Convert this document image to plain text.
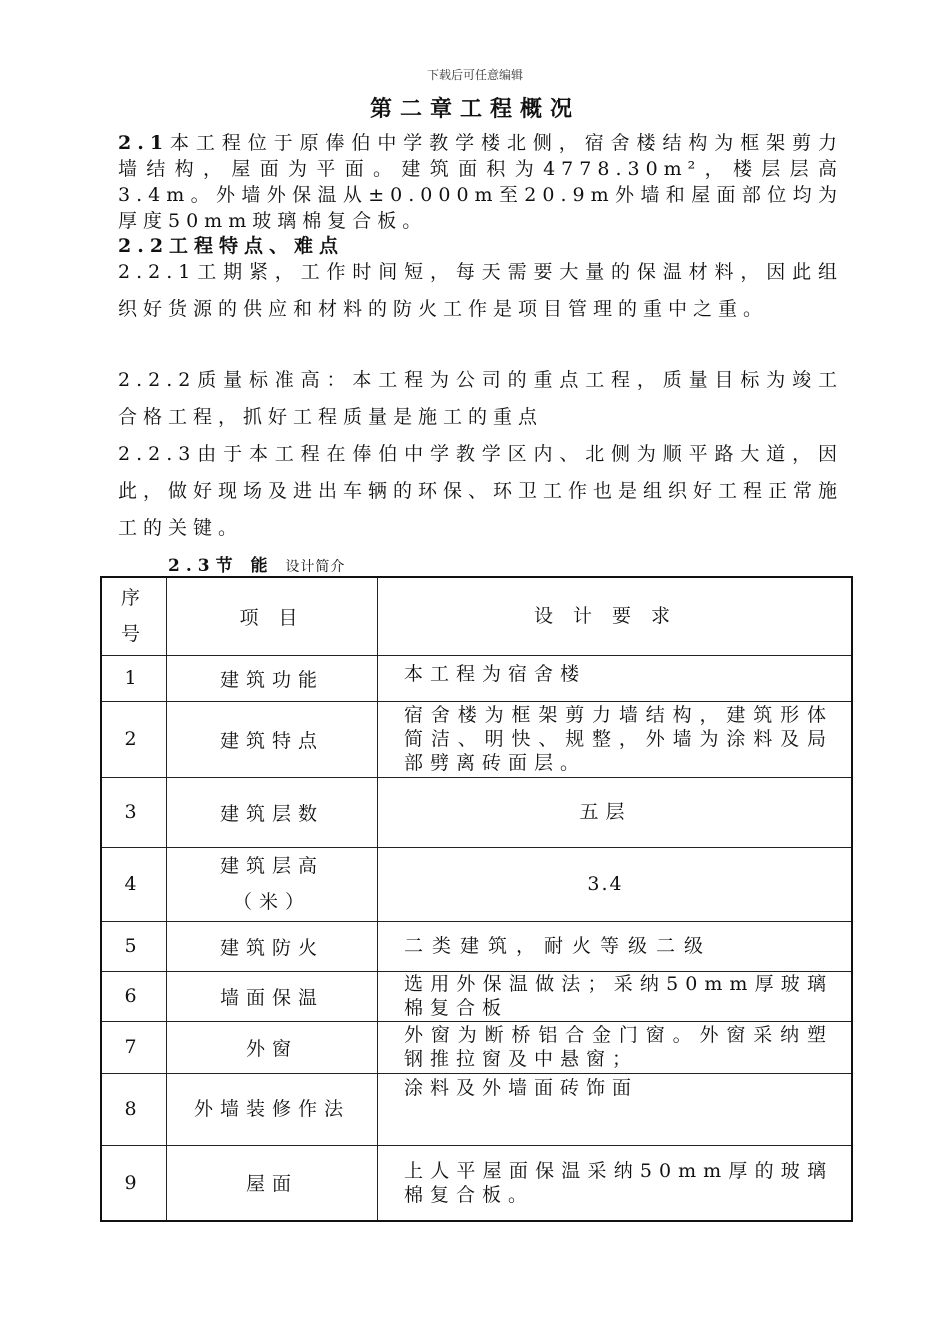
下载后可任意编辑
第二章工程概况
2.1本工程位于原俸伯中学教学楼北侧，宿舍楼结构为框架剪力墙结构，屋面为平面。建筑面积为4778.30m²，楼层层高3.4m。外墙外保温从±0.000m至20.9m外墙和屋面部位均为厚度50mm玻璃棉复合板。
2.2工程特点、难点
2.2.1工期紧，工作时间短，每天需要大量的保温材料，因此组织好货源的供应和材料的防火工作是项目管理的重中之重。
2.2.2质量标准高：本工程为公司的重点工程，质量目标为竣工合格工程，抓好工程质量是施工的重点
2.2.3由于本工程在俸伯中学教学区内、北侧为顺平路大道，因此，做好现场及进出车辆的环保、环卫工作也是组织好工程正常施工的关键。
2.3节 能 设计简介
序号	项 目	设 计 要 求
1	建筑功能	本工程为宿舍楼
2	建筑特点	宿舍楼为框架剪力墙结构，建筑形体简洁、明快、规整，外墙为涂料及局部劈离砖面层。
3	建筑层数	五层
4	建筑层高（米）	3.4
5	建筑防火	二类建筑，耐火等级二级
6	墙面保温	选用外保温做法；采纳50mm厚玻璃棉复合板
7	外窗	外窗为断桥铝合金门窗。外窗采纳塑钢推拉窗及中悬窗；
8	外墙装修作法	涂料及外墙面砖饰面
9	屋面	上人平屋面保温采纳50mm厚的玻璃棉复合板。
